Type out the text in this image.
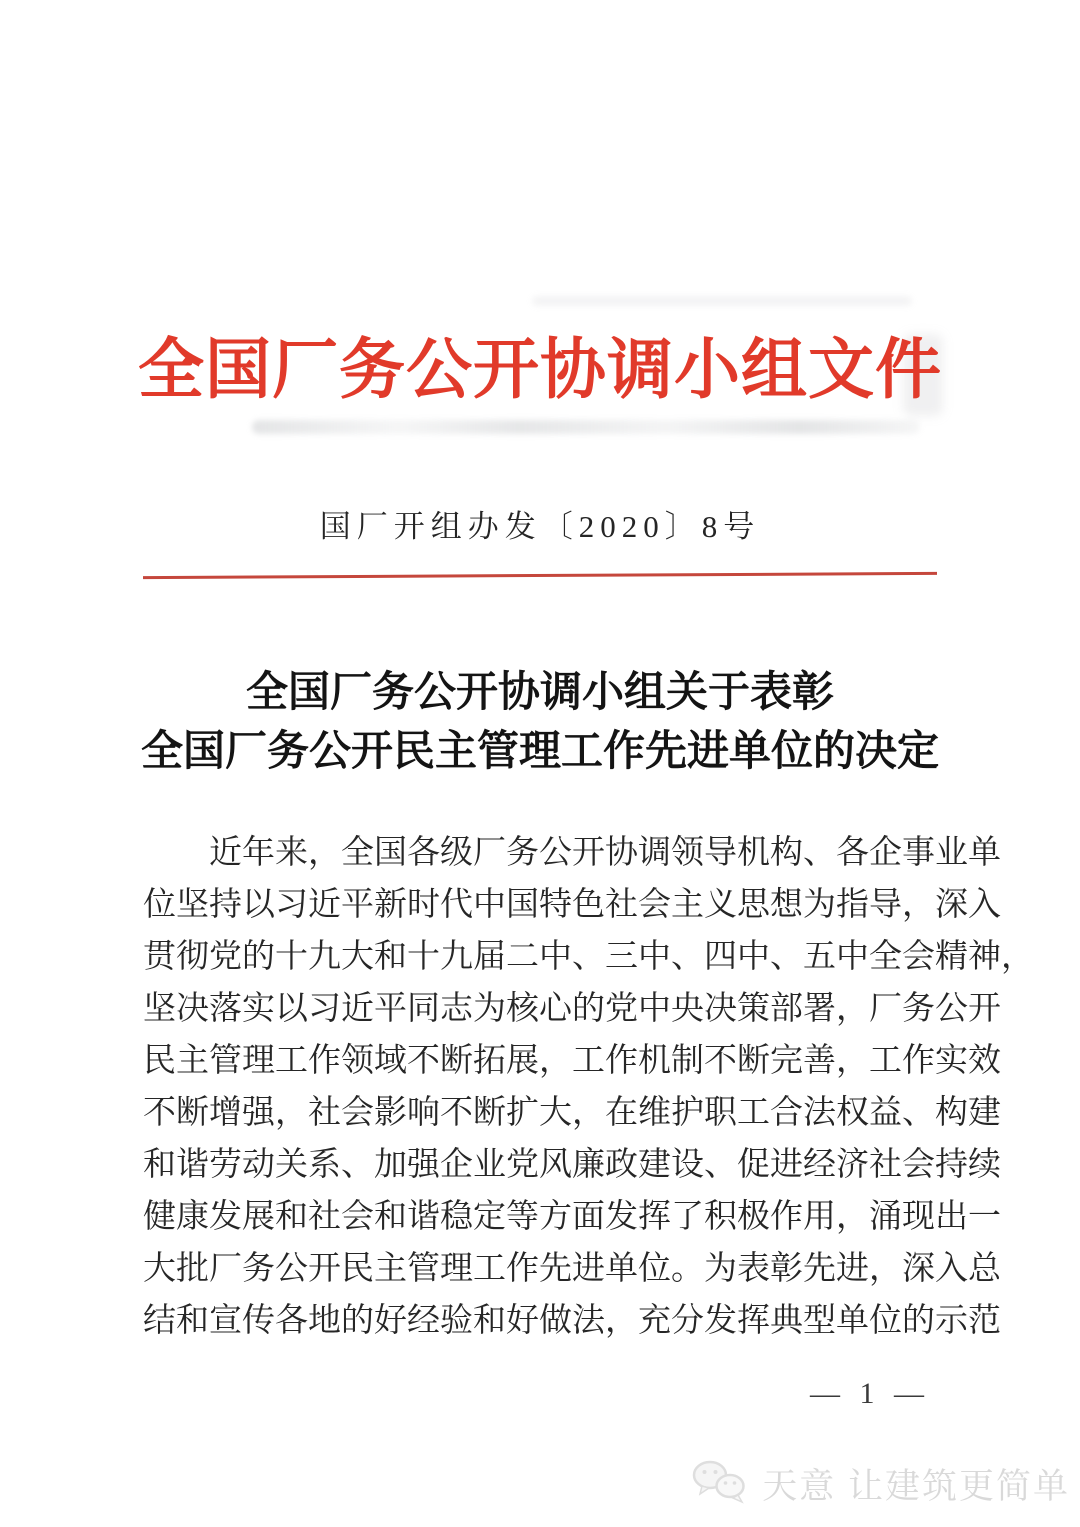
全国厂务公开协调小组文件
国厂开组办发〔2020〕8号
全国厂务公开协调小组关于表彰
全国厂务公开民主管理工作先进单位的决定
　　近年来，全国各级厂务公开协调领导机构、各企事业单
位坚持以习近平新时代中国特色社会主义思想为指导，深入
贯彻党的十九大和十九届二中、三中、四中、五中全会精神，
坚决落实以习近平同志为核心的党中央决策部署，厂务公开
民主管理工作领域不断拓展，工作机制不断完善，工作实效
不断增强，社会影响不断扩大，在维护职工合法权益、构建
和谐劳动关系、加强企业党风廉政建设、促进经济社会持续
健康发展和社会和谐稳定等方面发挥了积极作用，涌现出一
大批厂务公开民主管理工作先进单位。为表彰先进，深入总
结和宣传各地的好经验和好做法，充分发挥典型单位的示范
— 1 —
天意 让建筑更简单
